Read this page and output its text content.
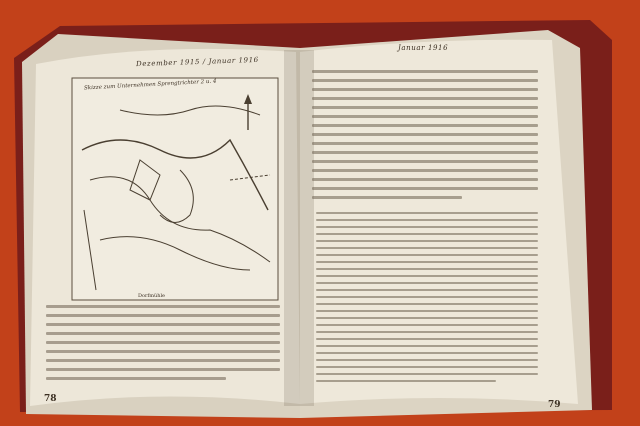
Dezember 1915 / Januar 1916
Skizze zum Unternehmen Sprengtrichter 2 u. 4
Dorfmühle
78
Januar 1916
79
